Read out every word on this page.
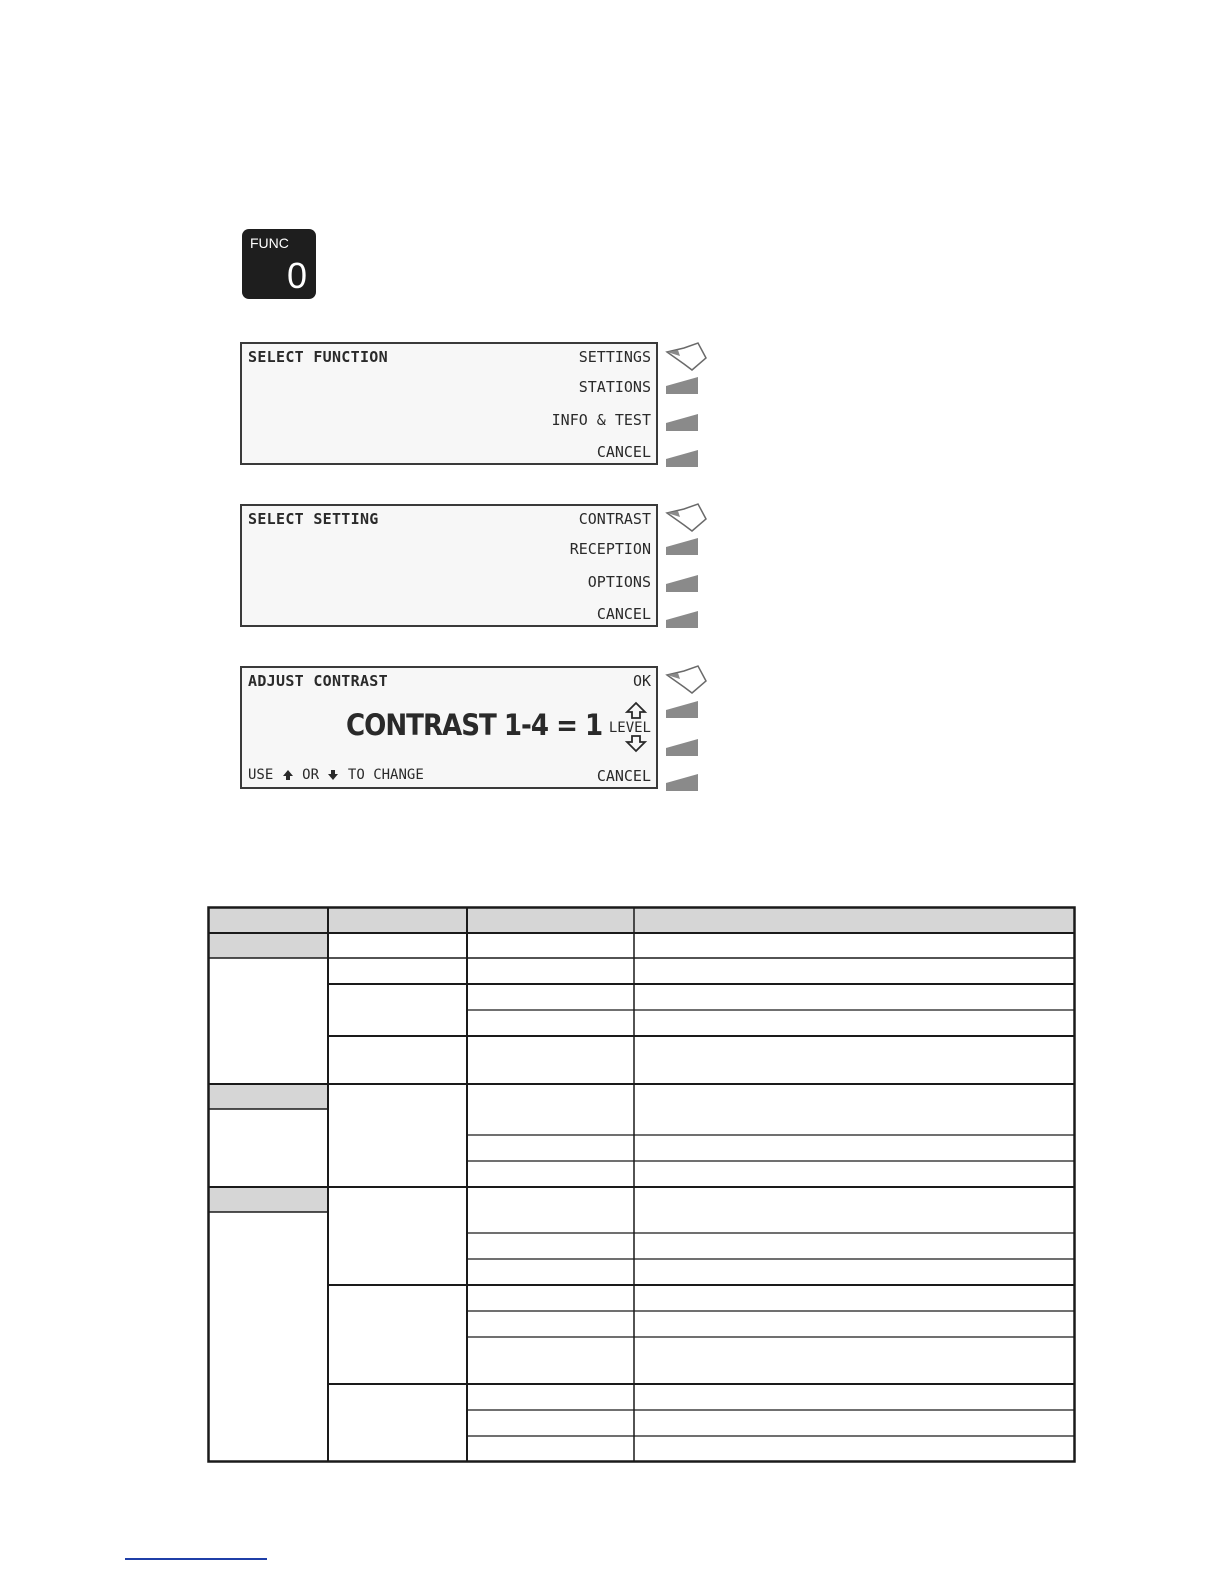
FUNC
0
SELECT FUNCTION	SETTINGS
STATIONS
INFO & TEST
CANCEL
SELECT SETTING	CONTRAST
RECEPTION
OPTIONS
CANCEL
ADJUST CONTRAST	OK
CONTRAST 1-4 = 1 LEVEL
USE OR TO CHANGE	CANCEL
